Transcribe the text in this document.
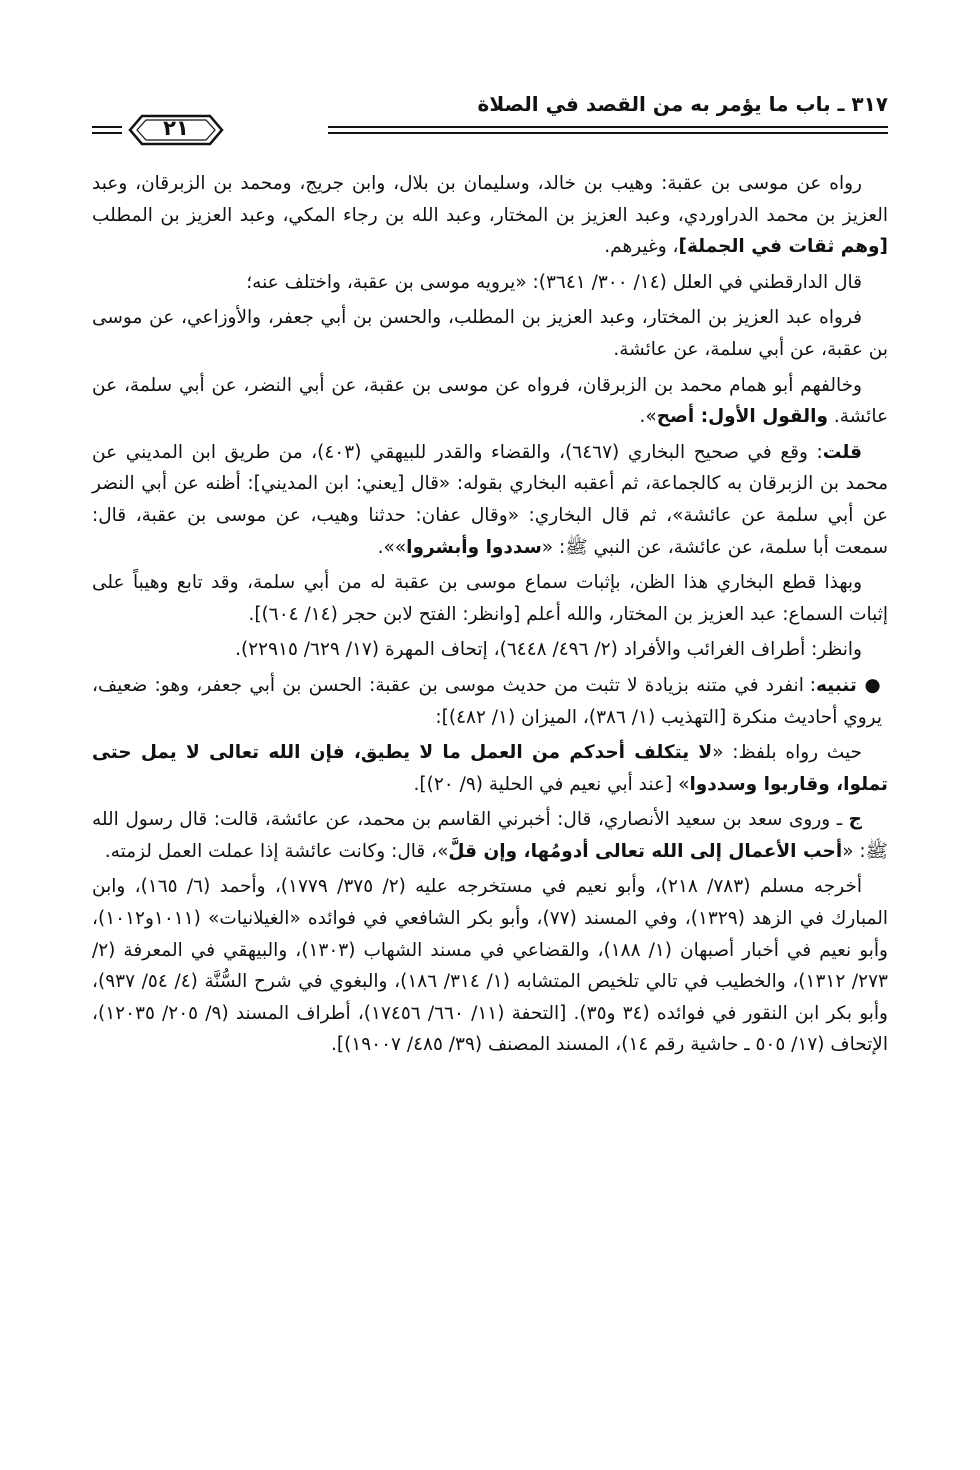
٣١٧ ـ باب ما يؤمر به من القصد في الصلاة
٢١

رواه عن موسى بن عقبة: وهيب بن خالد، وسليمان بن بلال، وابن جريج، ومحمد بن الزبرقان، وعبد العزيز بن محمد الدراوردي، وعبد العزيز بن المختار، وعبد الله بن رجاء المكي، وعبد العزيز بن المطلب [وهم ثقات في الجملة]، وغيرهم.

قال الدارقطني في العلل (١٤/ ٣٠٠/ ٣٦٤١): «يرويه موسى بن عقبة، واختلف عنه؛

فرواه عبد العزيز بن المختار، وعبد العزيز بن المطلب، والحسن بن أبي جعفر، والأوزاعي، عن موسى بن عقبة، عن أبي سلمة، عن عائشة.

وخالفهم أبو همام محمد بن الزبرقان، فرواه عن موسى بن عقبة، عن أبي النضر، عن أبي سلمة، عن عائشة. والقول الأول: أصح».

قلت: وقع في صحيح البخاري (٦٤٦٧)، والقضاء والقدر للبيهقي (٤٠٣)، من طريق ابن المديني عن محمد بن الزبرقان به كالجماعة، ثم أعقبه البخاري بقوله: «قال [يعني: ابن المديني]: أظنه عن أبي النضر عن أبي سلمة عن عائشة»، ثم قال البخاري: «وقال عفان: حدثنا وهيب، عن موسى بن عقبة، قال: سمعت أبا سلمة، عن عائشة، عن النبي ﷺ: «سددوا وأبشروا»».

وبهذا قطع البخاري هذا الظن، بإثبات سماع موسى بن عقبة له من أبي سلمة، وقد تابع وهيباً على إثبات السماع: عبد العزيز بن المختار، والله أعلم [وانظر: الفتح لابن حجر (١٤/ ٦٠٤)].

وانظر: أطراف الغرائب والأفراد (٢/ ٤٩٦/ ٦٤٤٨)، إتحاف المهرة (١٧/ ٦٢٩/ ٢٢٩١٥).

● تنبيه: انفرد في متنه بزيادة لا تثبت من حديث موسى بن عقبة: الحسن بن أبي جعفر، وهو: ضعيف، يروي أحاديث منكرة [التهذيب (١/ ٣٨٦)، الميزان (١/ ٤٨٢)]:

حيث رواه بلفظ: «لا يتكلف أحدكم من العمل ما لا يطيق، فإن الله تعالى لا يمل حتى تملوا، وقاربوا وسددوا» [عند أبي نعيم في الحلية (٩/ ٢٠)].

ج ـ وروى سعد بن سعيد الأنصاري، قال: أخبرني القاسم بن محمد، عن عائشة، قالت: قال رسول الله ﷺ: «أحب الأعمال إلى الله تعالى أدومُها، وإن قلَّ»، قال: وكانت عائشة إذا عملت العمل لزمته.

أخرجه مسلم (٧٨٣/ ٢١٨)، وأبو نعيم في مستخرجه عليه (٢/ ٣٧٥/ ١٧٧٩)، وأحمد (٦/ ١٦٥)، وابن المبارك في الزهد (١٣٢٩)، وفي المسند (٧٧)، وأبو بكر الشافعي في فوائده «الغيلانيات» (١٠١١و١٠١٢)، وأبو نعيم في أخبار أصبهان (١/ ١٨٨)، والقضاعي في مسند الشهاب (١٣٠٣)، والبيهقي في المعرفة (٢/ ٢٧٣/ ١٣١٢)، والخطيب في تالي تلخيص المتشابه (١/ ٣١٤/ ١٨٦)، والبغوي في شرح السُّنَّة (٤/ ٥٤/ ٩٣٧)، وأبو بكر ابن النقور في فوائده (٣٤ و٣٥). [التحفة (١١/ ٦٦٠/ ١٧٤٥٦)، أطراف المسند (٩/ ٢٠٥/ ١٢٠٣٥)، الإتحاف (١٧/ ٥٠٥ ـ حاشية رقم ١٤)، المسند المصنف (٣٩/ ٤٨٥/ ١٩٠٠٧)].
